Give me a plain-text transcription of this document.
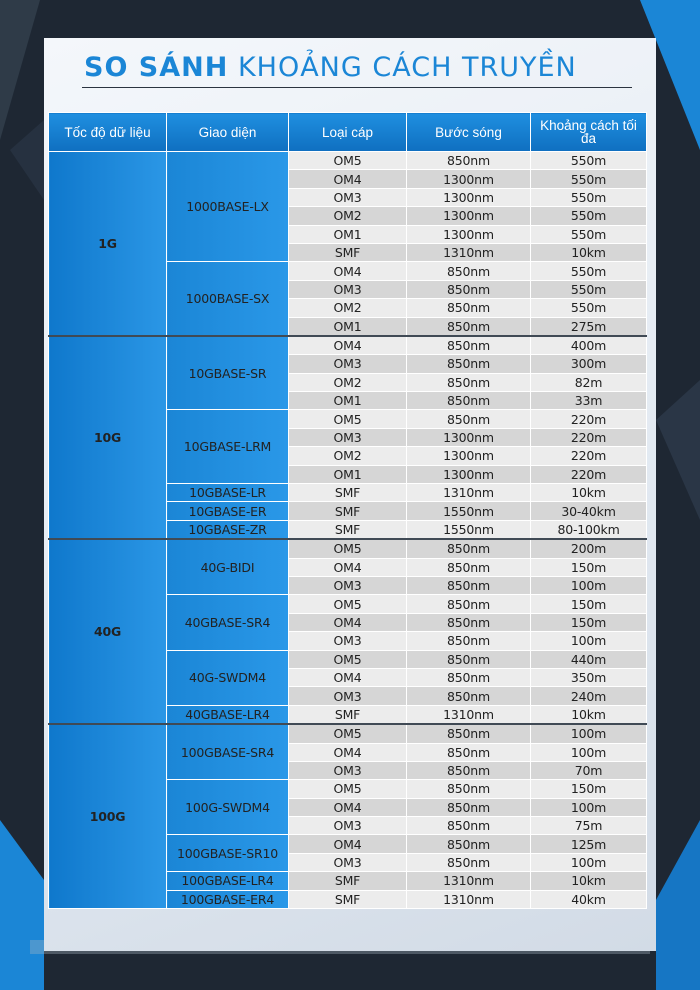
SO SÁNH KHOẢNG CÁCH TRUYỀN
Tốc độ dữ liệu	Giao diện	Loại cáp	Bước sóng	Khoảng cách tối đa
1G	1000BASE-LX	OM5	850nm	550m
		OM4	1300nm	550m
		OM3	1300nm	550m
		OM2	1300nm	550m
		OM1	1300nm	550m
		SMF	1310nm	10km
	1000BASE-SX	OM4	850nm	550m
		OM3	850nm	550m
		OM2	850nm	550m
		OM1	850nm	275m
10G	10GBASE-SR	OM4	850nm	400m
		OM3	850nm	300m
		OM2	850nm	82m
		OM1	850nm	33m
	10GBASE-LRM	OM5	850nm	220m
		OM3	1300nm	220m
		OM2	1300nm	220m
		OM1	1300nm	220m
	10GBASE-LR	SMF	1310nm	10km
	10GBASE-ER	SMF	1550nm	30-40km
	10GBASE-ZR	SMF	1550nm	80-100km
40G	40G-BIDI	OM5	850nm	200m
		OM4	850nm	150m
		OM3	850nm	100m
	40GBASE-SR4	OM5	850nm	150m
		OM4	850nm	150m
		OM3	850nm	100m
	40G-SWDM4	OM5	850nm	440m
		OM4	850nm	350m
		OM3	850nm	240m
	40GBASE-LR4	SMF	1310nm	10km
100G	100GBASE-SR4	OM5	850nm	100m
		OM4	850nm	100m
		OM3	850nm	70m
	100G-SWDM4	OM5	850nm	150m
		OM4	850nm	100m
		OM3	850nm	75m
	100GBASE-SR10	OM4	850nm	125m
		OM3	850nm	100m
	100GBASE-LR4	SMF	1310nm	10km
	100GBASE-ER4	SMF	1310nm	40km
